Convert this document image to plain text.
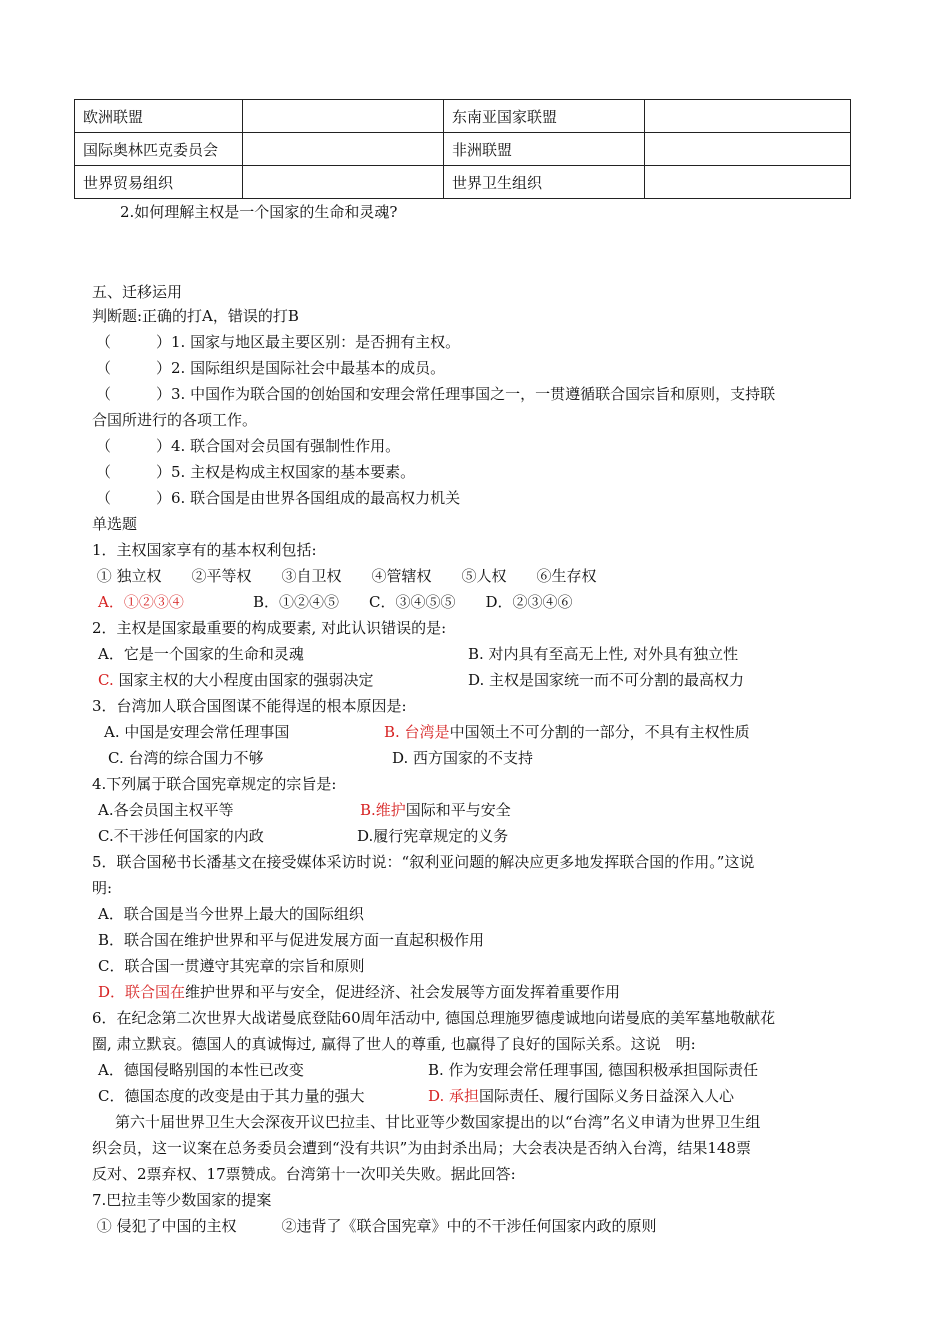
欧洲联盟		东南亚国家联盟	
国际奥林匹克委员会		非洲联盟	
世界贸易组织		世界卫生组织	
2.如何理解主权是一个国家的生命和灵魂?
五、迁移运用
判断题:正确的打A，错误的打B
（　　　）1. 国家与地区最主要区别：是否拥有主权。
（　　　）2. 国际组织是国际社会中最基本的成员。
（　　　）3. 中国作为联合国的创始国和安理会常任理事国之一，一贯遵循联合国宗旨和原则，支持联
合国所进行的各项工作。
（　　　）4. 联合国对会员国有强制性作用。
（　　　）5. 主权是构成主权国家的基本要素。
（　　　）6. 联合国是由世界各国组成的最高权力机关
单选题
1．主权国家享有的基本权利包括:
① 独立权　　②平等权　　③自卫权　　④管辖权　　⑤人权　　⑥生存权
A．①②③④	B．①②④⑤　　C．③④⑤⑤　　D．②③④⑥
2．主权是国家最重要的构成要素, 对此认识错误的是:
A．它是一个国家的生命和灵魂	B. 对内具有至高无上性, 对外具有独立性
C. 国家主权的大小程度由国家的强弱决定	D. 主权是国家统一而不可分割的最高权力
3．台湾加人联合国图谋不能得逞的根本原因是:
A. 中国是安理会常任理事国	B. 台湾是中国领土不可分割的一部分，不具有主权性质
C. 台湾的综合国力不够	D. 西方国家的不支持
4.下列属于联合国宪章规定的宗旨是:
A.各会员国主权平等	B.维护国际和平与安全
C.不干涉任何国家的内政	D.履行宪章规定的义务
5．联合国秘书长潘基文在接受媒体采访时说：“叙利亚问题的解决应更多地发挥联合国的作用。”这说
明:
A．联合国是当今世界上最大的国际组织
B．联合国在维护世界和平与促进发展方面一直起积极作用
C．联合国一贯遵守其宪章的宗旨和原则
D．联合国在维护世界和平与安全，促进经济、社会发展等方面发挥着重要作用
6．在纪念第二次世界大战诺曼底登陆60周年活动中, 德国总理施罗德虔诚地向诺曼底的美军墓地敬献花
圈, 肃立默哀。德国人的真诚悔过, 赢得了世人的尊重, 也赢得了良好的国际关系。这说　明:
A．德国侵略别国的本性已改变	B. 作为安理会常任理事国, 德国积极承担国际责任
C．德国态度的改变是由于其力量的强大	D. 承担国际责任、履行国际义务日益深入人心
　第六十届世界卫生大会深夜开议巴拉圭、甘比亚等少数国家提出的以“台湾”名义申请为世界卫生组
织会员，这一议案在总务委员会遭到“没有共识”为由封杀出局；大会表决是否纳入台湾，结果148票
反对、2票弃权、17票赞成。台湾第十一次叩关失败。据此回答:
7.巴拉圭等少数国家的提案
① 侵犯了中国的主权　　　②违背了《联合国宪章》中的不干涉任何国家内政的原则
